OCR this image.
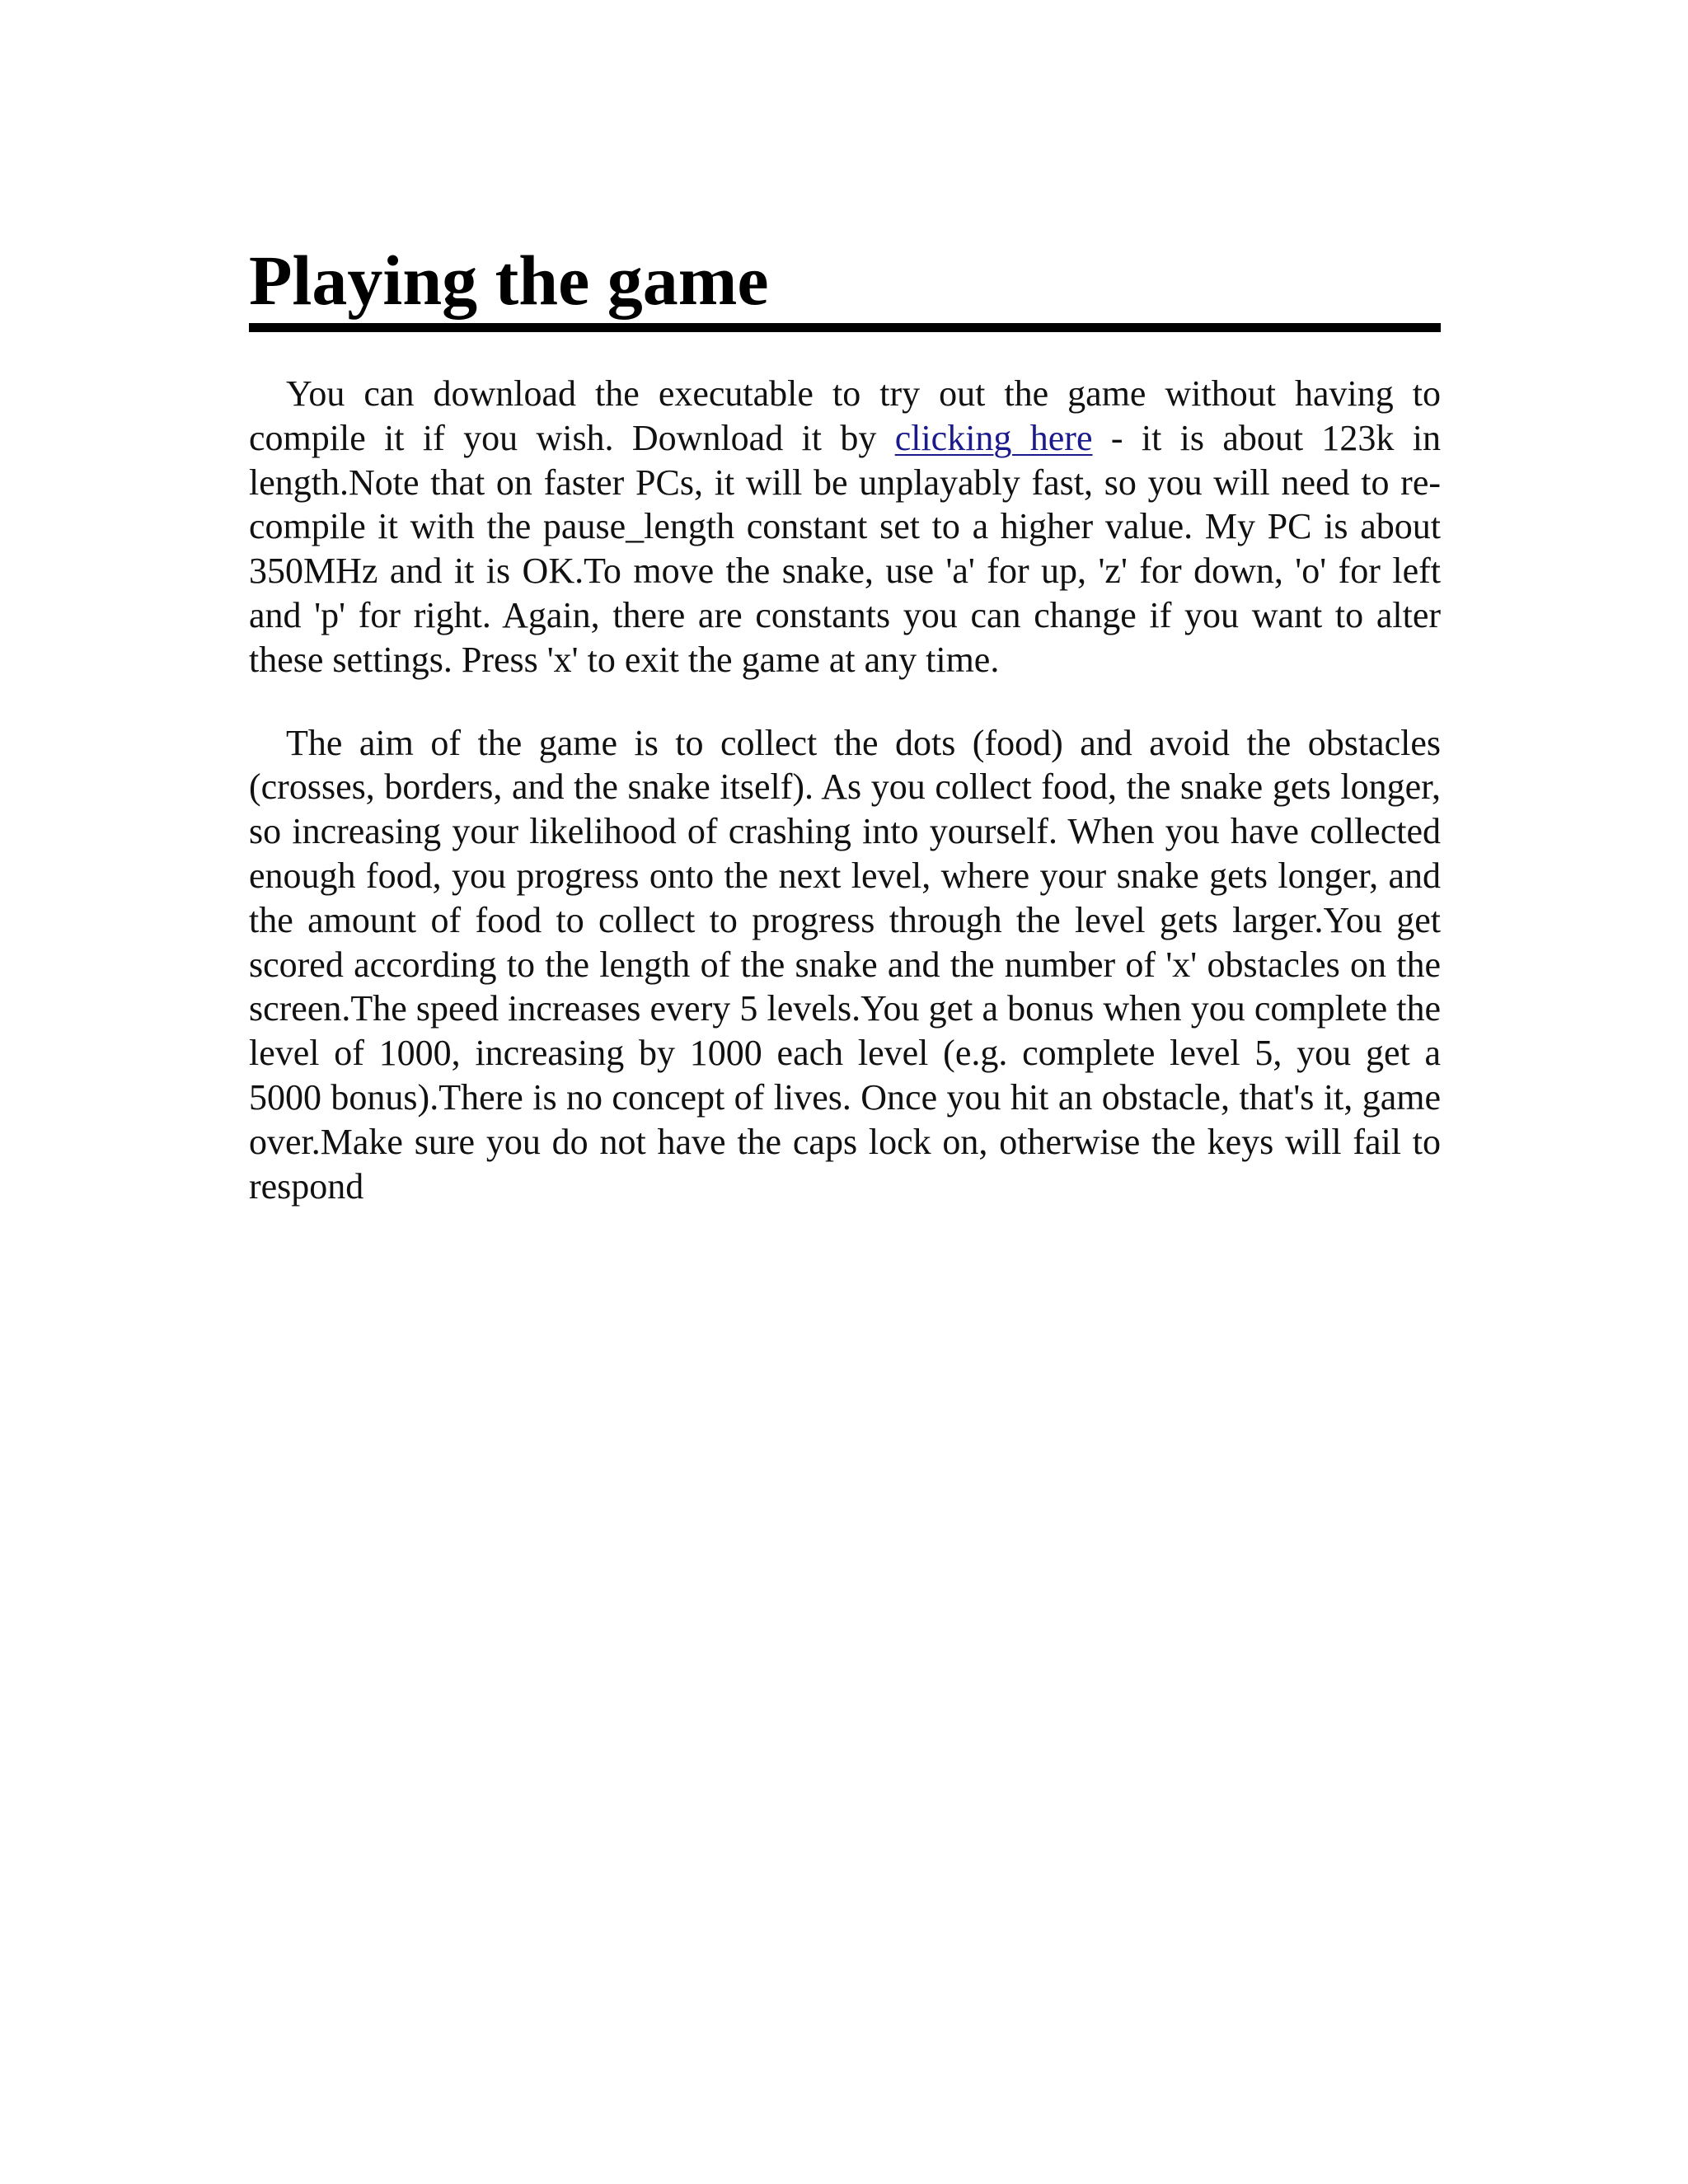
Playing the game

You can download the executable to try out the game without having to compile it if you wish. Download it by clicking here - it is about 123k in length.Note that on faster PCs, it will be unplayably fast, so you will need to re-compile it with the pause_length constant set to a higher value. My PC is about 350MHz and it is OK.To move the snake, use 'a' for up, 'z' for down, 'o' for left and 'p' for right. Again, there are constants you can change if you want to alter these settings. Press 'x' to exit the game at any time.

The aim of the game is to collect the dots (food) and avoid the obstacles (crosses, borders, and the snake itself). As you collect food, the snake gets longer, so increasing your likelihood of crashing into yourself. When you have collected enough food, you progress onto the next level, where your snake gets longer, and the amount of food to collect to progress through the level gets larger.You get scored according to the length of the snake and the number of 'x' obstacles on the screen.The speed increases every 5 levels.You get a bonus when you complete the level of 1000, increasing by 1000 each level (e.g. complete level 5, you get a 5000 bonus).There is no concept of lives. Once you hit an obstacle, that's it, game over.Make sure you do not have the caps lock on, otherwise the keys will fail to respond
